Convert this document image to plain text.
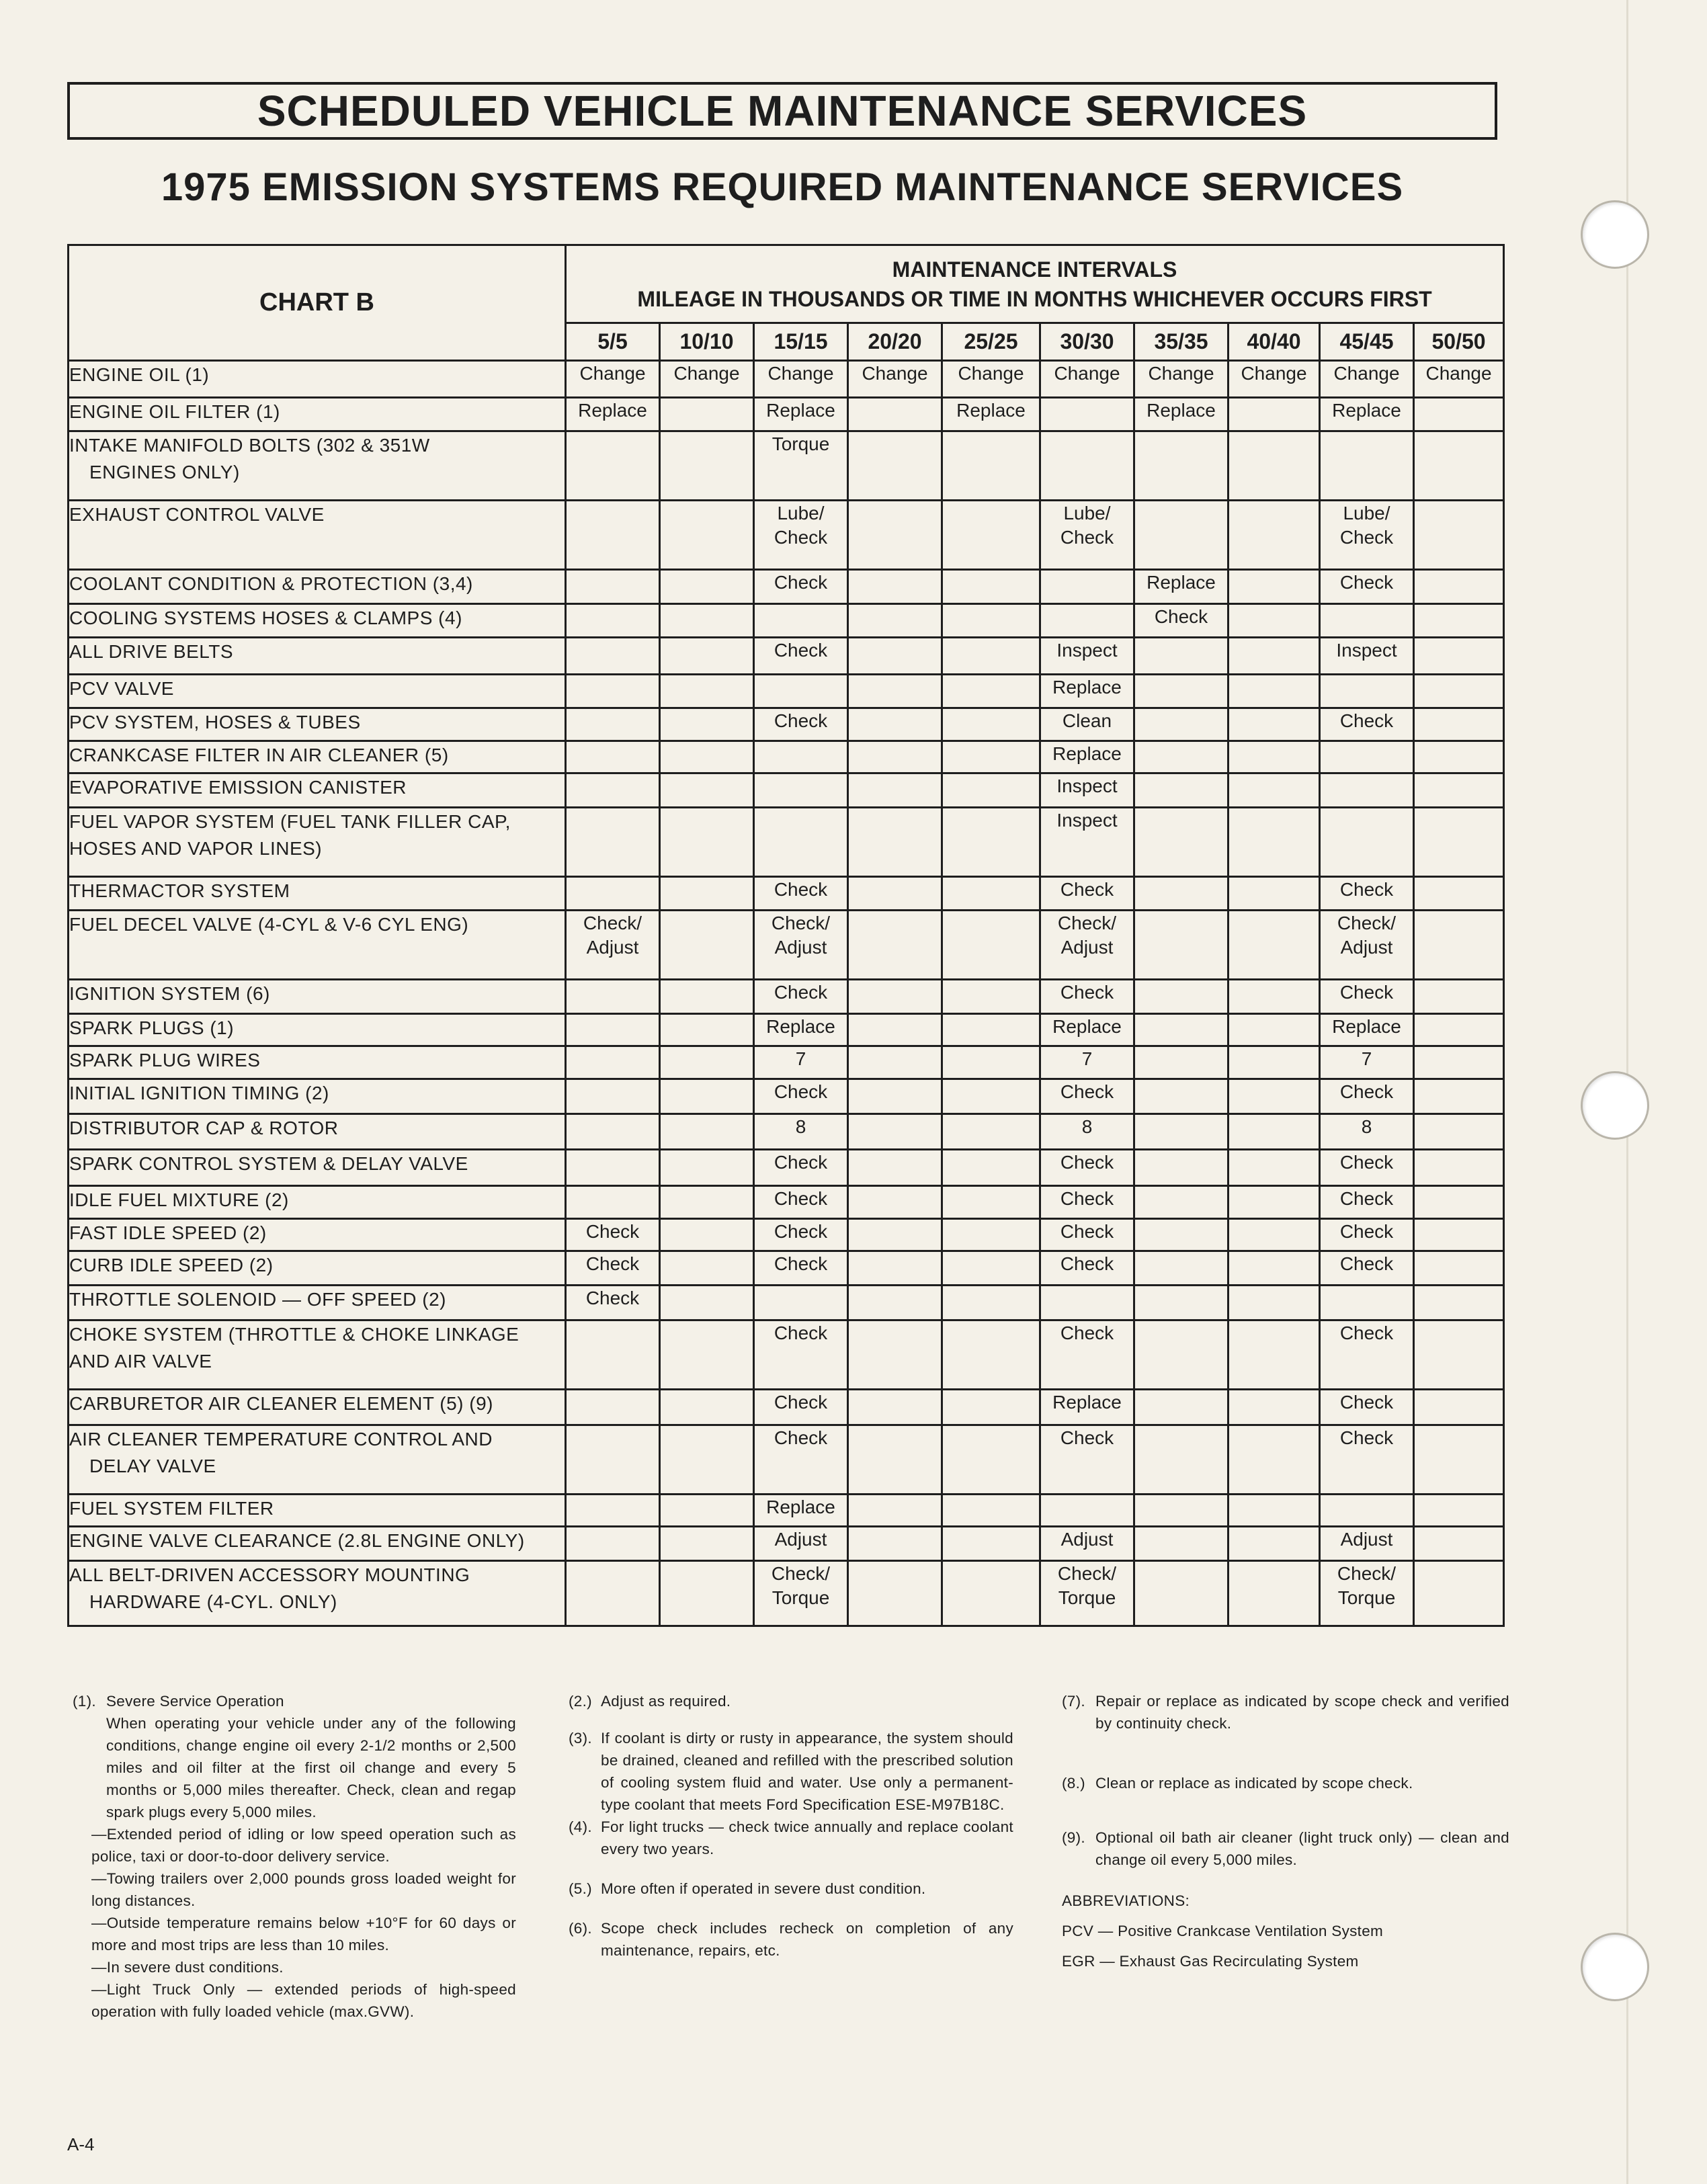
SCHEDULED VEHICLE MAINTENANCE SERVICES
1975 EMISSION SYSTEMS REQUIRED MAINTENANCE SERVICES
CHART B	MAINTENANCE INTERVALS
MILEAGE IN THOUSANDS OR TIME IN MONTHS WHICHEVER OCCURS FIRST									

	5/5	10/10	15/15	20/20	25/25	30/30	35/35	40/40	45/45	50/50

ENGINE OIL (1)	Change	Change	Change	Change	Change	Change	Change	Change	Change	Change

ENGINE OIL FILTER (1)	Replace		Replace		Replace		Replace		Replace	

INTAKE MANIFOLD BOLTS (302 & 351W
ENGINES ONLY)			Torque							

EXHAUST CONTROL VALVE			Lube/ Check			Lube/ Check			Lube/ Check	

COOLANT CONDITION & PROTECTION (3,4)			Check				Replace		Check	

COOLING SYSTEMS HOSES & CLAMPS (4)							Check			

ALL DRIVE BELTS			Check			Inspect			Inspect	

PCV VALVE						Replace				

PCV SYSTEM, HOSES & TUBES			Check			Clean			Check	

CRANKCASE FILTER IN AIR CLEANER (5)						Replace				

EVAPORATIVE EMISSION CANISTER						Inspect				

FUEL VAPOR SYSTEM (FUEL TANK FILLER CAP,
HOSES AND VAPOR LINES)						Inspect				

THERMACTOR SYSTEM			Check			Check			Check	

FUEL DECEL VALVE (4-CYL & V-6 CYL ENG)	Check/ Adjust		Check/ Adjust			Check/ Adjust			Check/ Adjust	

IGNITION SYSTEM (6)			Check			Check			Check	

SPARK PLUGS (1)			Replace			Replace			Replace	

SPARK PLUG WIRES			7			7			7	

INITIAL IGNITION TIMING (2)			Check			Check			Check	

DISTRIBUTOR CAP & ROTOR			8			8			8	

SPARK CONTROL SYSTEM & DELAY VALVE			Check			Check			Check	

IDLE FUEL MIXTURE (2)			Check			Check			Check	

FAST IDLE SPEED (2)	Check		Check			Check			Check	

CURB IDLE SPEED (2)	Check		Check			Check			Check	

THROTTLE SOLENOID — OFF SPEED (2)	Check									

CHOKE SYSTEM (THROTTLE & CHOKE LINKAGE
AND AIR VALVE			Check			Check			Check	

CARBURETOR AIR CLEANER ELEMENT (5) (9)			Check			Replace			Check	

AIR CLEANER TEMPERATURE CONTROL AND
DELAY VALVE			Check			Check			Check	

FUEL SYSTEM FILTER			Replace							

ENGINE VALVE CLEARANCE (2.8L ENGINE ONLY)			Adjust			Adjust			Adjust	

ALL BELT-DRIVEN ACCESSORY MOUNTING
HARDWARE (4-CYL. ONLY)			Check/ Torque			Check/ Torque			Check/ Torque	
(1). Severe Service Operation
When operating your vehicle under any of the following conditions, change engine oil every 2-1/2 months or 2,500 miles and oil filter at the first oil change and every 5 months or 5,000 miles thereafter. Check, clean and regap spark plugs every 5,000 miles.
—Extended period of idling or low speed operation such as police, taxi or door-to-door delivery service.
—Towing trailers over 2,000 pounds gross loaded weight for long distances.
—Outside temperature remains below +10°F for 60 days or more and most trips are less than 10 miles.
—In severe dust conditions.
—Light Truck Only — extended periods of high-speed operation with fully loaded vehicle (max.GVW).
(2.) Adjust as required.
(3). If coolant is dirty or rusty in appearance, the system should be drained, cleaned and refilled with the prescribed solution of cooling system fluid and water. Use only a permanent-type coolant that meets Ford Specification ESE-M97B18C.
(4). For light trucks — check twice annually and replace coolant every two years.
(5.) More often if operated in severe dust condition.
(6). Scope check includes recheck on completion of any maintenance, repairs, etc.
(7). Repair or replace as indicated by scope check and verified by continuity check.
(8.) Clean or replace as indicated by scope check.
(9). Optional oil bath air cleaner (light truck only) — clean and change oil every 5,000 miles.
ABBREVIATIONS:
PCV — Positive Crankcase Ventilation System
EGR — Exhaust Gas Recirculating System
A-4
